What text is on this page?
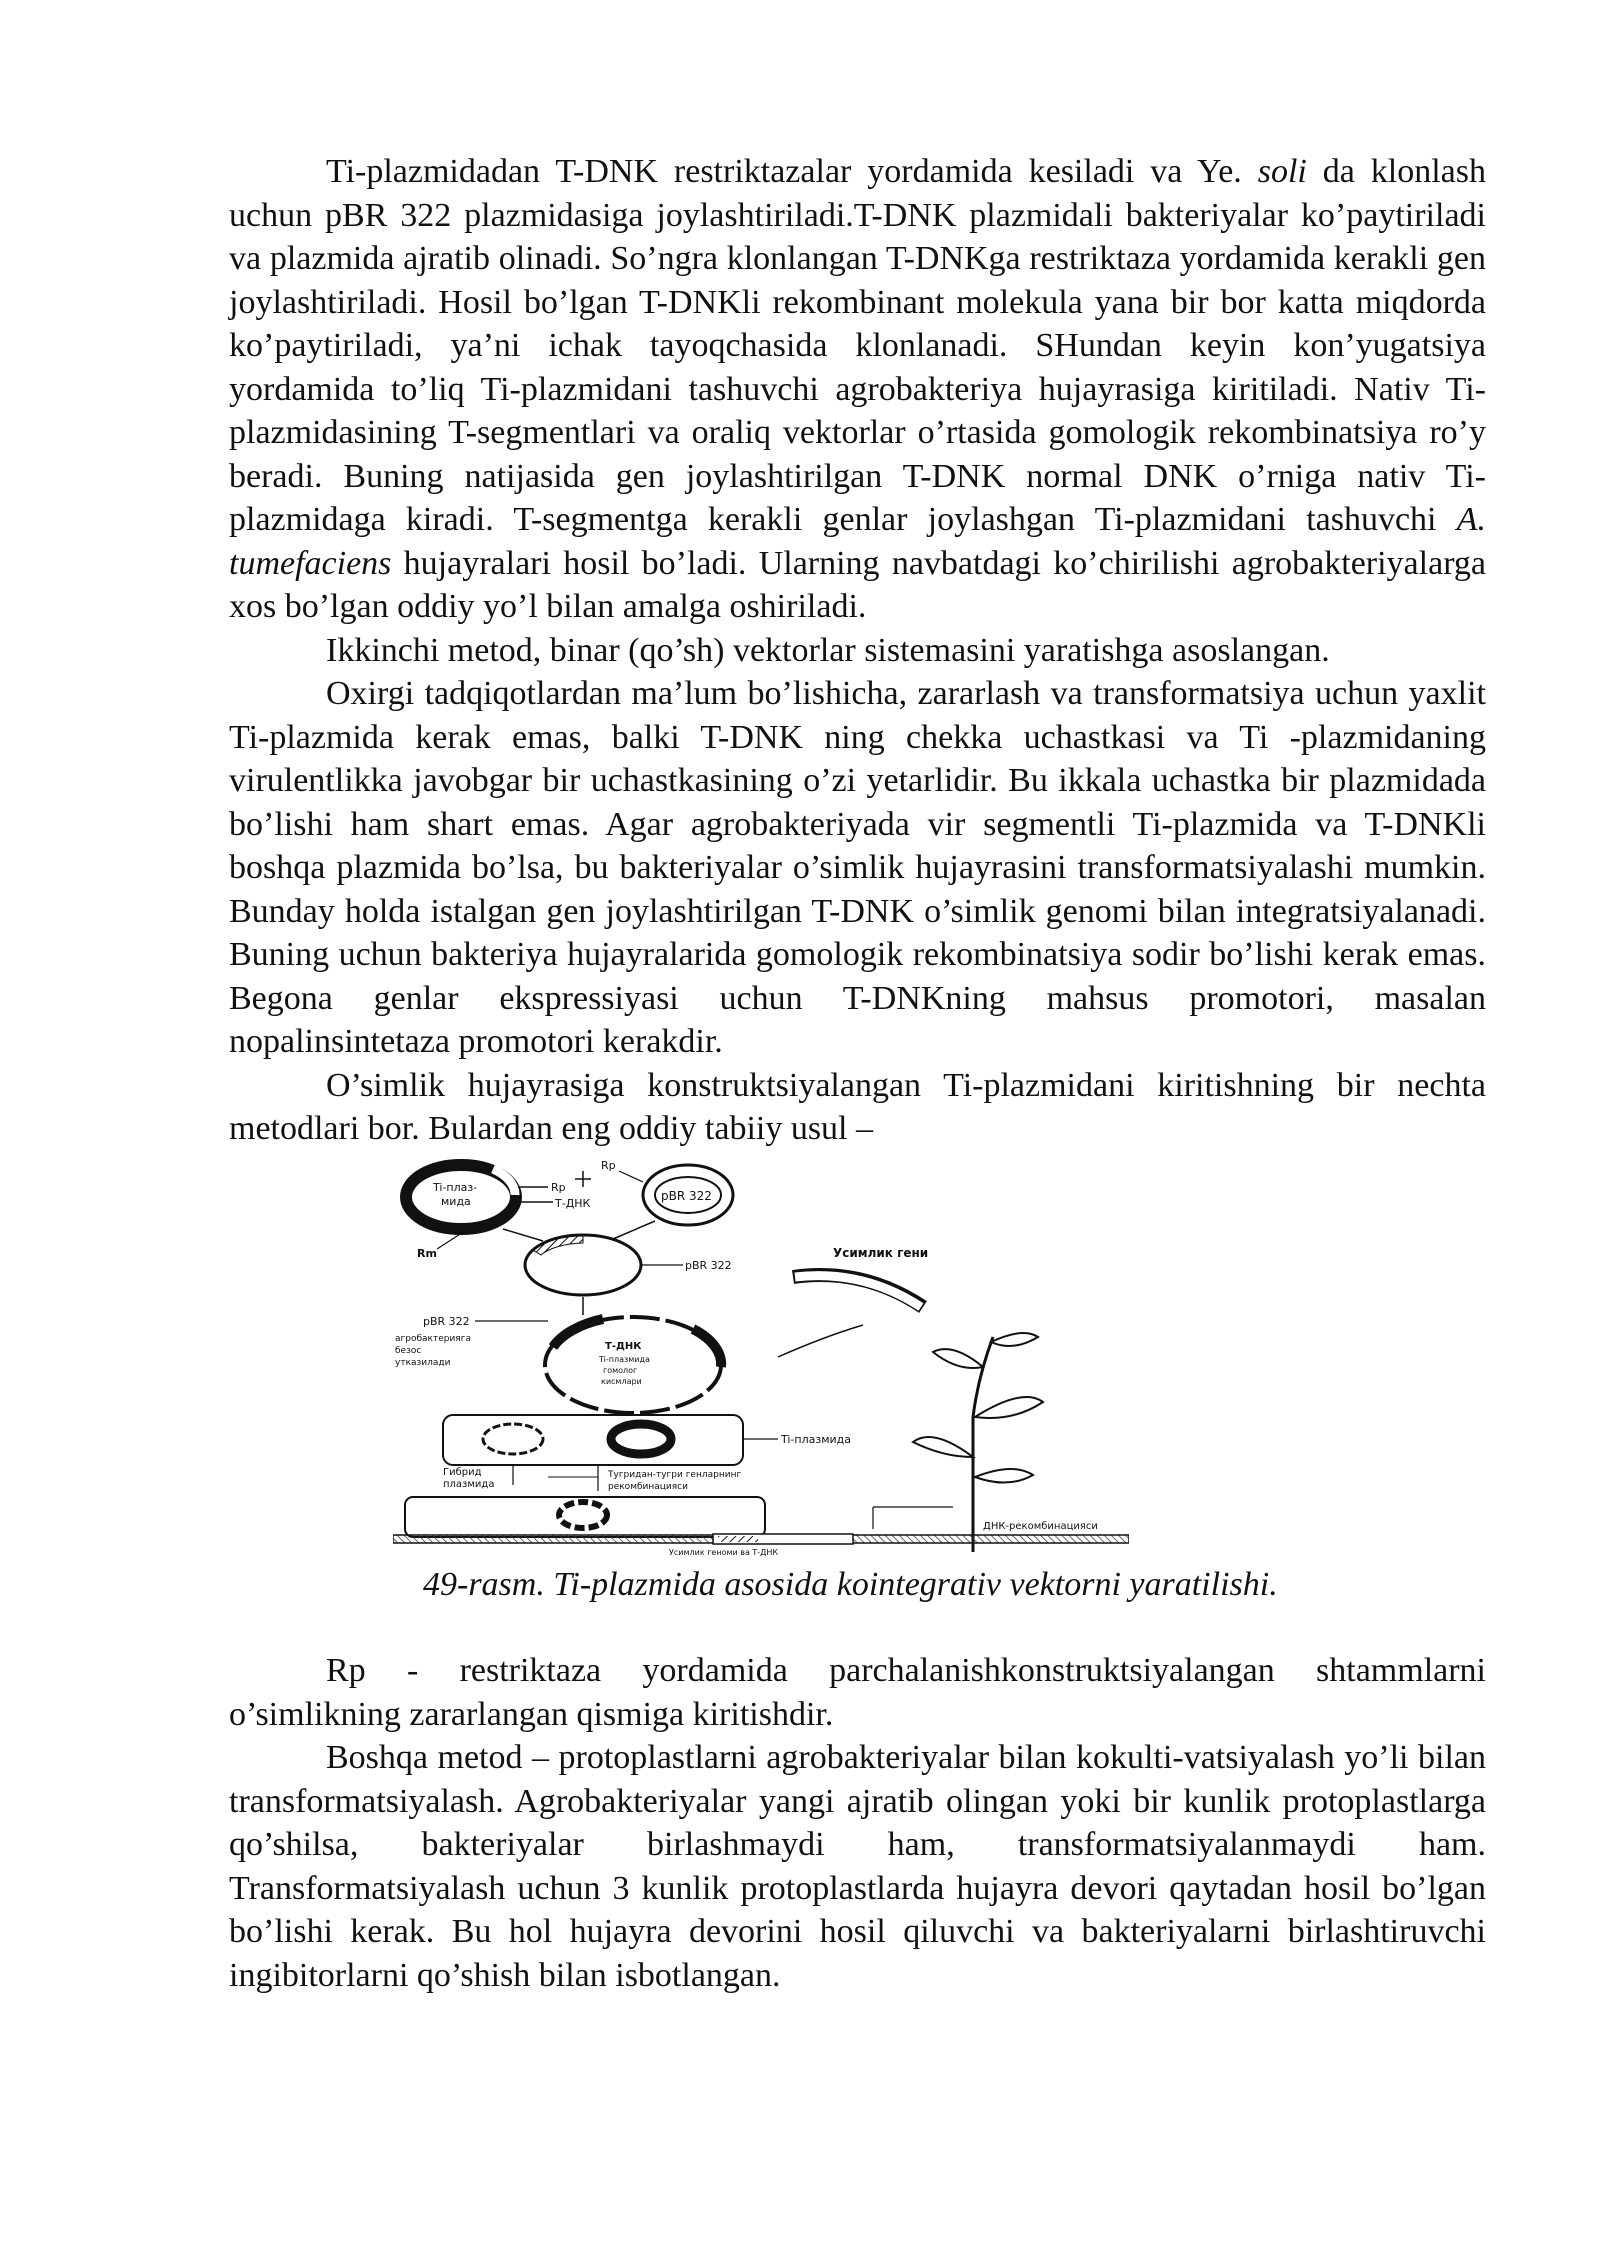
Ti-plazmidadan T-DNK restriktazalar yordamida kesiladi va Ye. soli da klonlash uchun pBR 322 plazmidasiga joylashtiriladi.T-DNK plazmidali bakteriyalar ko’paytiriladi va plazmida ajratib olinadi. So’ngra klonlangan T-DNKga restriktaza yordamida kerakli gen joylashtiriladi. Hosil bo’lgan T-DNKli rekombinant molekula yana bir bor katta miqdorda ko’paytiriladi, ya’ni ichak tayoqchasida klonlanadi. SHundan keyin kon’yugatsiya yordamida to’liq Ti-plazmidani tashuvchi agrobakteriya hujayrasiga kiritiladi. Nativ Ti-plazmidasining T-segmentlari va oraliq vektorlar o’rtasida gomologik rekombinatsiya ro’y beradi. Buning natijasida gen joylashtirilgan T-DNK normal DNK o’rniga nativ Ti-plazmidaga kiradi. T-segmentga kerakli genlar joylashgan Ti-plazmidani tashuvchi A. tumefaciens hujayralari hosil bo’ladi. Ularning navbatdagi ko’chirilishi agrobakteriyalarga xos bo’lgan oddiy yo’l bilan amalga oshiriladi.

Ikkinchi metod, binar (qo’sh) vektorlar sistemasini yaratishga asoslangan.

Oxirgi tadqiqotlardan ma’lum bo’lishicha, zararlash va transformatsiya uchun yaxlit Ti-plazmida kerak emas, balki T-DNK ning chekka uchastkasi va Ti -plazmidaning virulentlikka javobgar bir uchastkasining o’zi yetarlidir. Bu ikkala uchastka bir plazmidada bo’lishi ham shart emas. Agar agrobakteriyada vir segmentli Ti-plazmida va T-DNKli boshqa plazmida bo’lsa, bu bakteriyalar o’simlik hujayrasini transformatsiyalashi mumkin. Bunday holda istalgan gen joylashtirilgan T-DNK o’simlik genomi bilan integratsiyalanadi. Buning uchun bakteriya hujayralarida gomologik rekombinatsiya sodir bo’lishi kerak emas. Begona genlar ekspressiyasi uchun T-DNKning mahsus promotori, masalan nopalinsintetaza promotori kerakdir.

O’simlik hujayrasiga konstruktsiyalangan Ti-plazmidani kiritishning bir nechta metodlari bor. Bulardan eng oddiy tabiiy usul –

Ti-плаз-
мида
Rp
Т-ДНК
Rp
pBR 322
Rm
pBR 322
Усимлик гени
Т-ДНК
Ti-плазмида
гомолог
кисмлари
pBR 322
агробактерияга
безос
утказилади
Ti-плазмида
Гибрид
плазмида
Тугридан-тугри генларнинг
рекомбинацияси
ДНК-рекомбинацияси
Усимлик геноми ва Т-ДНК

49-rasm. Ti-plazmida asosida kointegrativ vektorni yaratilishi.

Rp - restriktaza yordamida parchalanishkonstruktsiyalangan shtammlarni o’simlikning zararlangan qismiga kiritishdir.

Boshqa metod – protoplastlarni agrobakteriyalar bilan kokulti-vatsiyalash yo’li bilan transformatsiyalash. Agrobakteriyalar yangi ajratib olingan yoki bir kunlik protoplastlarga qo’shilsa, bakteriyalar birlashmaydi ham, transformatsiyalanmaydi ham. Transformatsiyalash uchun 3 kunlik protoplastlarda hujayra devori qaytadan hosil bo’lgan bo’lishi kerak. Bu hol hujayra devorini hosil qiluvchi va bakteriyalarni birlashtiruvchi ingibitorlarni qo’shish bilan isbotlangan.
